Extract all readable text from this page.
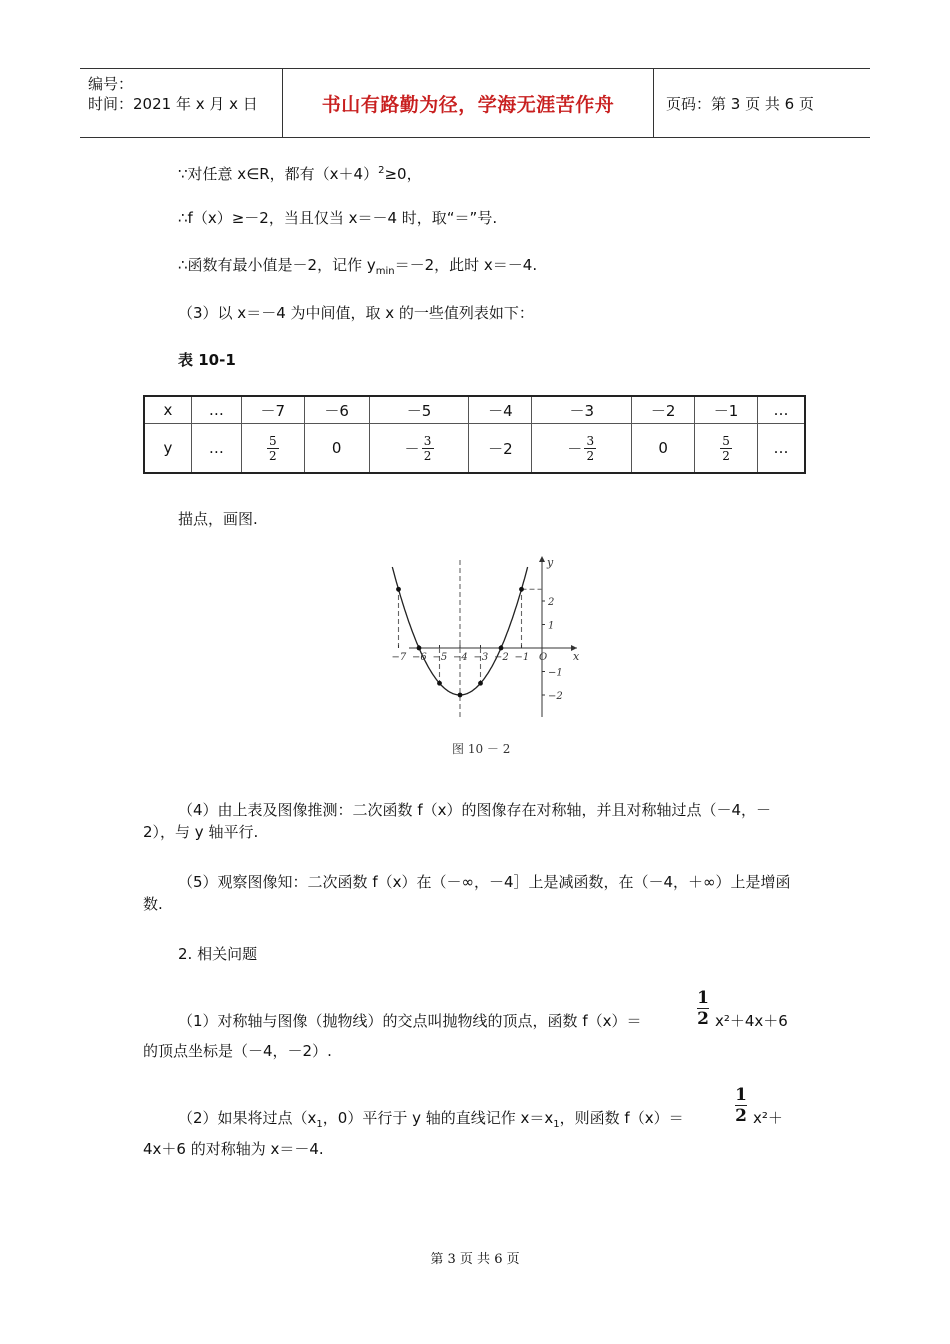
编号：
时间：2021 年 x 月 x 日	书山有路勤为径，学海无涯苦作舟	页码：第 3 页 共 6 页
∵对任意 x∈R，都有$(x+4)^2\ge 0$，
∴f（x）≥－2，当且仅当 x＝－4 时，取“＝”号.
∴函数有最小值是－2，记作 $y_{min}=-2$，此时 x＝－4.
（3）以 x＝－4 为中间值，取 x 的一些值列表如下：
表 10-1
x	…	－7	－6	－5	－4	－3	－2	－1	…
y	…	$\frac{5}{2}$	0	－ $\frac{3}{2}$	－2	－ $\frac{3}{2}$	0	$\frac{5}{2}$	…
描点，画图.
−7 −6 −5 −4 −3 −2 −1 O
2
1
−1
−2
x
y
图 10 － 2
（4）由上表及图像推测：二次函数 f（x）的图像存在对称轴，并且对称轴过点（－4，－2），与 y 轴平行.
（5）观察图像知：二次函数 f（x）在（－∞，－4］上是减函数，在（－4，＋∞）上是增函数.
2. 相关问题
（1）对称轴与图像（抛物线）的交点叫抛物线的顶点，函数 f（x）＝
1
2 x²＋4x＋6
的顶点坐标是（－4，－2）.
（2）如果将过点（$x_1$，0）平行于 y 轴的直线记作 $x=x_1$，则函数 f（x）＝
1
2 x²＋
4x＋6 的对称轴为 x＝－4.
第 3 页 共 6 页
